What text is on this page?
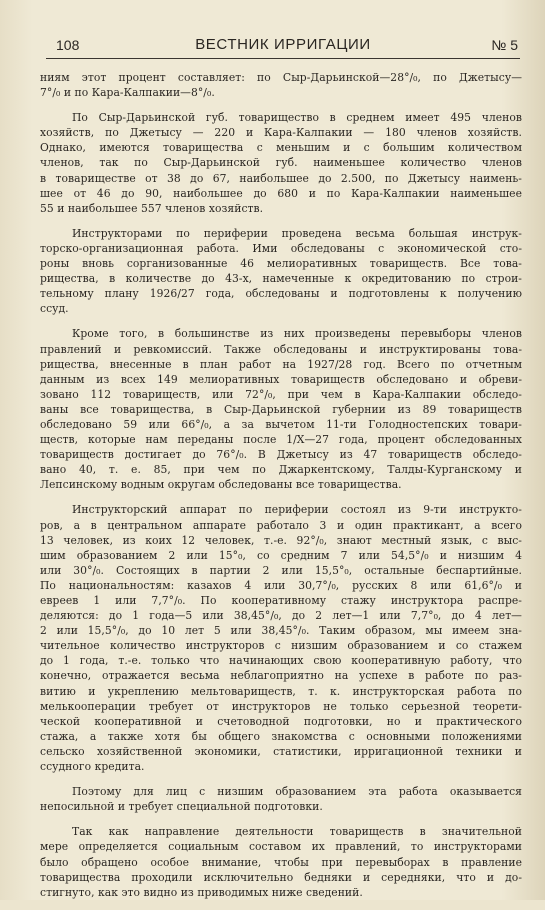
108	ВЕСТНИК ИРРИГАЦИИ	№ 5
ниям этот процент составляет: по Сыр-Дарьинской—28°/₀, по Джетысу—
7°/₀ и по Кара-Калпакии—8°/₀.
По Сыр-Дарьинской губ. товарищество в среднем имеет 495 членов
хозяйств, по Джетысу — 220 и Кара-Калпакии — 180 членов хозяйств.
Однако, имеются товарищества с меньшим и с большим количеством
членов, так по Сыр-Дарьинской губ. наименьшее количество членов
в товариществе от 38 до 67, наибольшее до 2.500, по Джетысу наимень-
шее от 46 до 90, наибольшее до 680 и по Кара-Калпакии наименьшее
55 и наибольшее 557 членов хозяйств.
Инструкторами по периферии проведена весьма большая инструк-
торско-организационная работа. Ими обследованы с экономической сто-
роны вновь сорганизованные 46 мелиоративных товариществ. Все това-
рищества, в количестве до 43-х, намеченные к окредитованию по строи-
тельному плану 1926/27 года, обследованы и подготовлены к получению
ссуд.
Кроме того, в большинстве из них произведены перевыборы членов
правлений и ревкомиссий. Также обследованы и инструктированы това-
рищества, внесенные в план работ на 1927/28 год. Всего по отчетным
данным из всех 149 мелиоративных товариществ обследовано и обреви-
зовано 112 товариществ, или 72°/₀, при чем в Кара-Калпакии обследо-
ваны все товарищества, в Сыр-Дарьинской губернии из 89 товариществ
обследовано 59 или 66°/₀, а за вычетом 11-ти Голодностепских товари-
ществ, которые нам переданы после 1/X—27 года, процент обследованных
товариществ достигает до 76°/₀. В Джетысу из 47 товариществ обследо-
вано 40, т. е. 85, при чем по Джаркентскому, Талды-Курганскому и
Лепсинскому водным округам обследованы все товарищества.
Инструкторский аппарат по периферии состоял из 9-ти инструкто-
ров, а в центральном аппарате работало 3 и один практикант, а всего
13 человек, из коих 12 человек, т.-е. 92°/₀, знают местный язык, с выс-
шим образованием 2 или 15°₀, со средним 7 или 54,5°/₀ и низшим 4
или 30°/₀. Состоящих в партии 2 или 15,5°₀, остальные беспартийные.
По национальностям: казахов 4 или 30,7°/₀, русских 8 или 61,6°/₀ и
евреев 1 или 7,7°/₀. По кооперативному стажу инструктора распре-
деляются: до 1 года—5 или 38,45°/₀, до 2 лет—1 или 7,7°₀, до 4 лет—
2 или 15,5°/₀, до 10 лет 5 или 38,45°/₀. Таким образом, мы имеем зна-
чительное количество инструкторов с низшим образованием и со стажем
до 1 года, т.-е. только что начинающих свою кооперативную работу, что
конечно, отражается весьма неблагоприятно на успехе в работе по раз-
витию и укреплению мельтовариществ, т. к. инструкторская работа по
мелькооперации требует от инструкторов не только серьезной теорети-
ческой кооперативной и счетоводной подготовки, но и практического
стажа, а также хотя бы общего знакомства с основными положениями
сельско хозяйственной экономики, статистики, ирригационной техники и
ссудного кредита.
Поэтому для лиц с низшим образованием эта работа оказывается
непосильной и требует специальной подготовки.
Так как направление деятельности товариществ в значительной
мере определяется социальным составом их правлений, то инструкторами
было обращено особое внимание, чтобы при перевыборах в правление
товарищества проходили исключительно бедняки и середняки, что и до-
стигнуто, как это видно из приводимых ниже сведений.
